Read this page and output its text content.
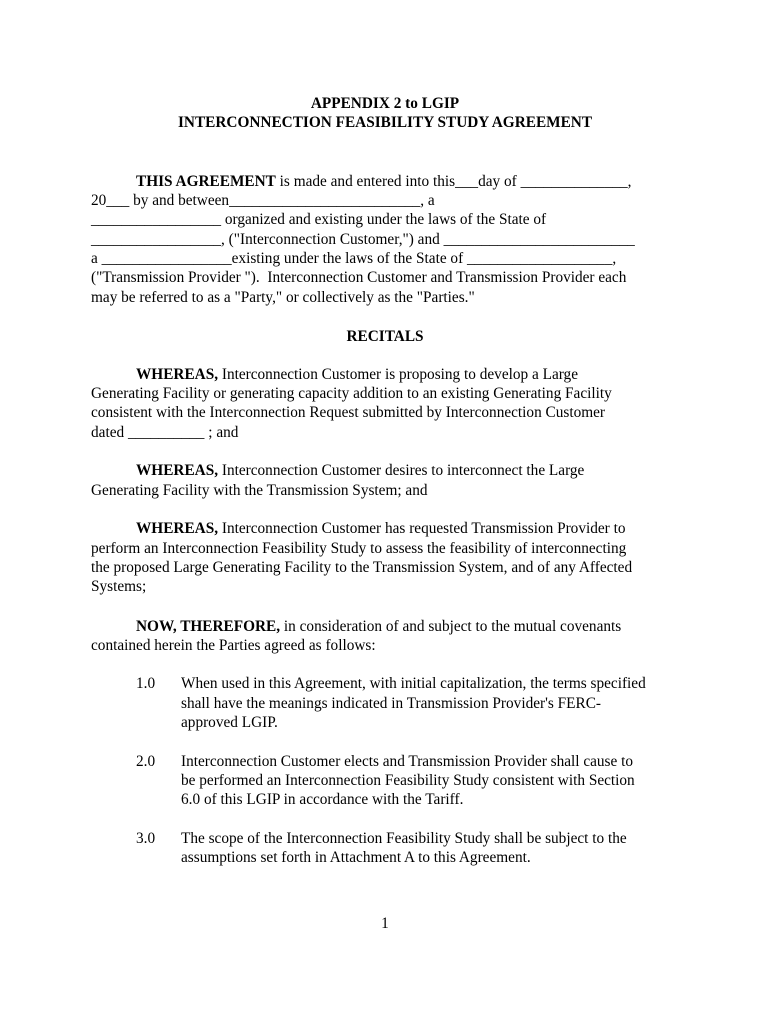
APPENDIX 2 to LGIP
INTERCONNECTION FEASIBILITY STUDY AGREEMENT
THIS AGREEMENT is made and entered into this___day of ______________,
20___ by and between_________________________, a
_________________ organized and existing under the laws of the State of
_________________, ("Interconnection Customer,") and _________________________
a _________________existing under the laws of the State of ___________________,
("Transmission Provider ").  Interconnection Customer and Transmission Provider each
may be referred to as a "Party," or collectively as the "Parties."
RECITALS
WHEREAS, Interconnection Customer is proposing to develop a Large
Generating Facility or generating capacity addition to an existing Generating Facility
consistent with the Interconnection Request submitted by Interconnection Customer
dated __________ ; and
WHEREAS, Interconnection Customer desires to interconnect the Large
Generating Facility with the Transmission System; and
WHEREAS, Interconnection Customer has requested Transmission Provider to
perform an Interconnection Feasibility Study to assess the feasibility of interconnecting
the proposed Large Generating Facility to the Transmission System, and of any Affected
Systems;
NOW, THEREFORE, in consideration of and subject to the mutual covenants
contained herein the Parties agreed as follows:
1.0 When used in this Agreement, with initial capitalization, the terms specified
shall have the meanings indicated in Transmission Provider's FERC-
approved LGIP.
2.0 Interconnection Customer elects and Transmission Provider shall cause to
be performed an Interconnection Feasibility Study consistent with Section
6.0 of this LGIP in accordance with the Tariff.
3.0 The scope of the Interconnection Feasibility Study shall be subject to the
assumptions set forth in Attachment A to this Agreement.
1
